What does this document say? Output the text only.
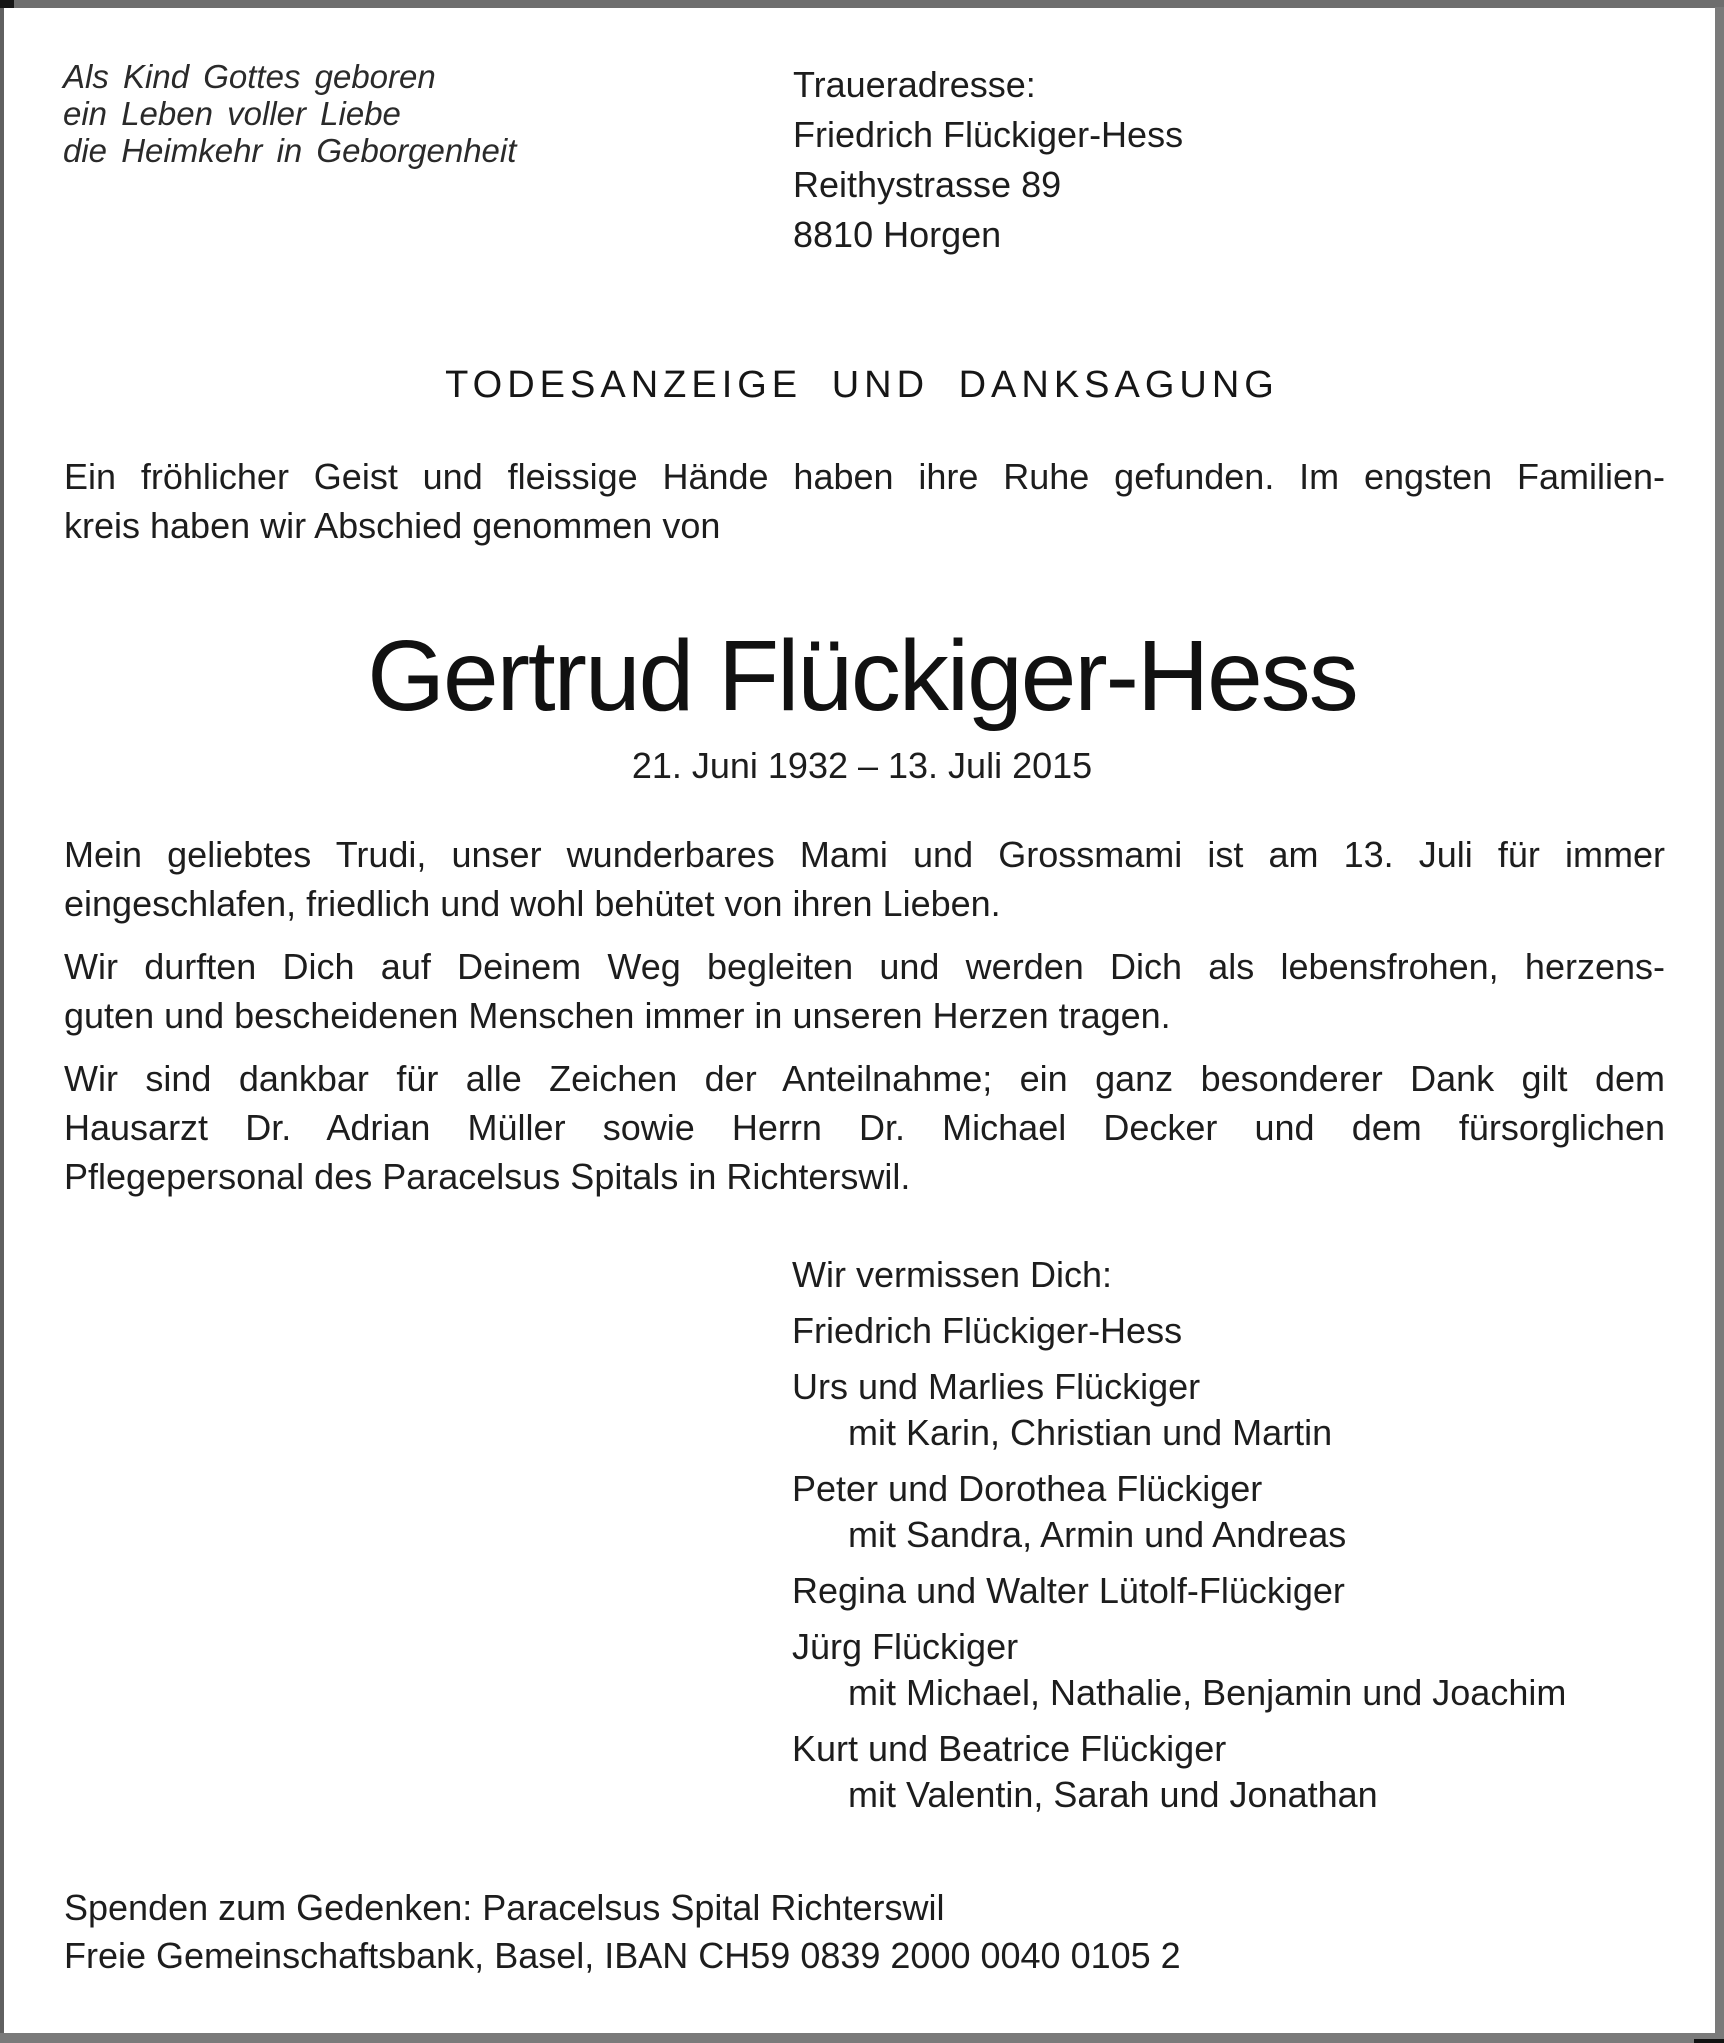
Als Kind Gottes geboren
ein Leben voller Liebe
die Heimkehr in Geborgenheit
Traueradresse:
Friedrich Flückiger-Hess
Reithystrasse 89
8810 Horgen
TODESANZEIGE UND DANKSAGUNG
Ein fröhlicher Geist und fleissige Hände haben ihre Ruhe gefunden. Im engsten Familien-
kreis haben wir Abschied genommen von
Gertrud Flückiger-Hess
21. Juni 1932 – 13. Juli 2015
Mein geliebtes Trudi, unser wunderbares Mami und Grossmami ist am 13. Juli für immer
eingeschlafen, friedlich und wohl behütet von ihren Lieben.
Wir durften Dich auf Deinem Weg begleiten und werden Dich als lebensfrohen, herzens-
guten und bescheidenen Menschen immer in unseren Herzen tragen.
Wir sind dankbar für alle Zeichen der Anteilnahme; ein ganz besonderer Dank gilt dem
Hausarzt Dr. Adrian Müller sowie Herrn Dr. Michael Decker und dem fürsorglichen
Pflegepersonal des Paracelsus Spitals in Richterswil.
Wir vermissen Dich:
Friedrich Flückiger-Hess
Urs und Marlies Flückiger
mit Karin, Christian und Martin
Peter und Dorothea Flückiger
mit Sandra, Armin und Andreas
Regina und Walter Lütolf-Flückiger
Jürg Flückiger
mit Michael, Nathalie, Benjamin und Joachim
Kurt und Beatrice Flückiger
mit Valentin, Sarah und Jonathan
Spenden zum Gedenken: Paracelsus Spital Richterswil
Freie Gemeinschaftsbank, Basel, IBAN CH59 0839 2000 0040 0105 2
